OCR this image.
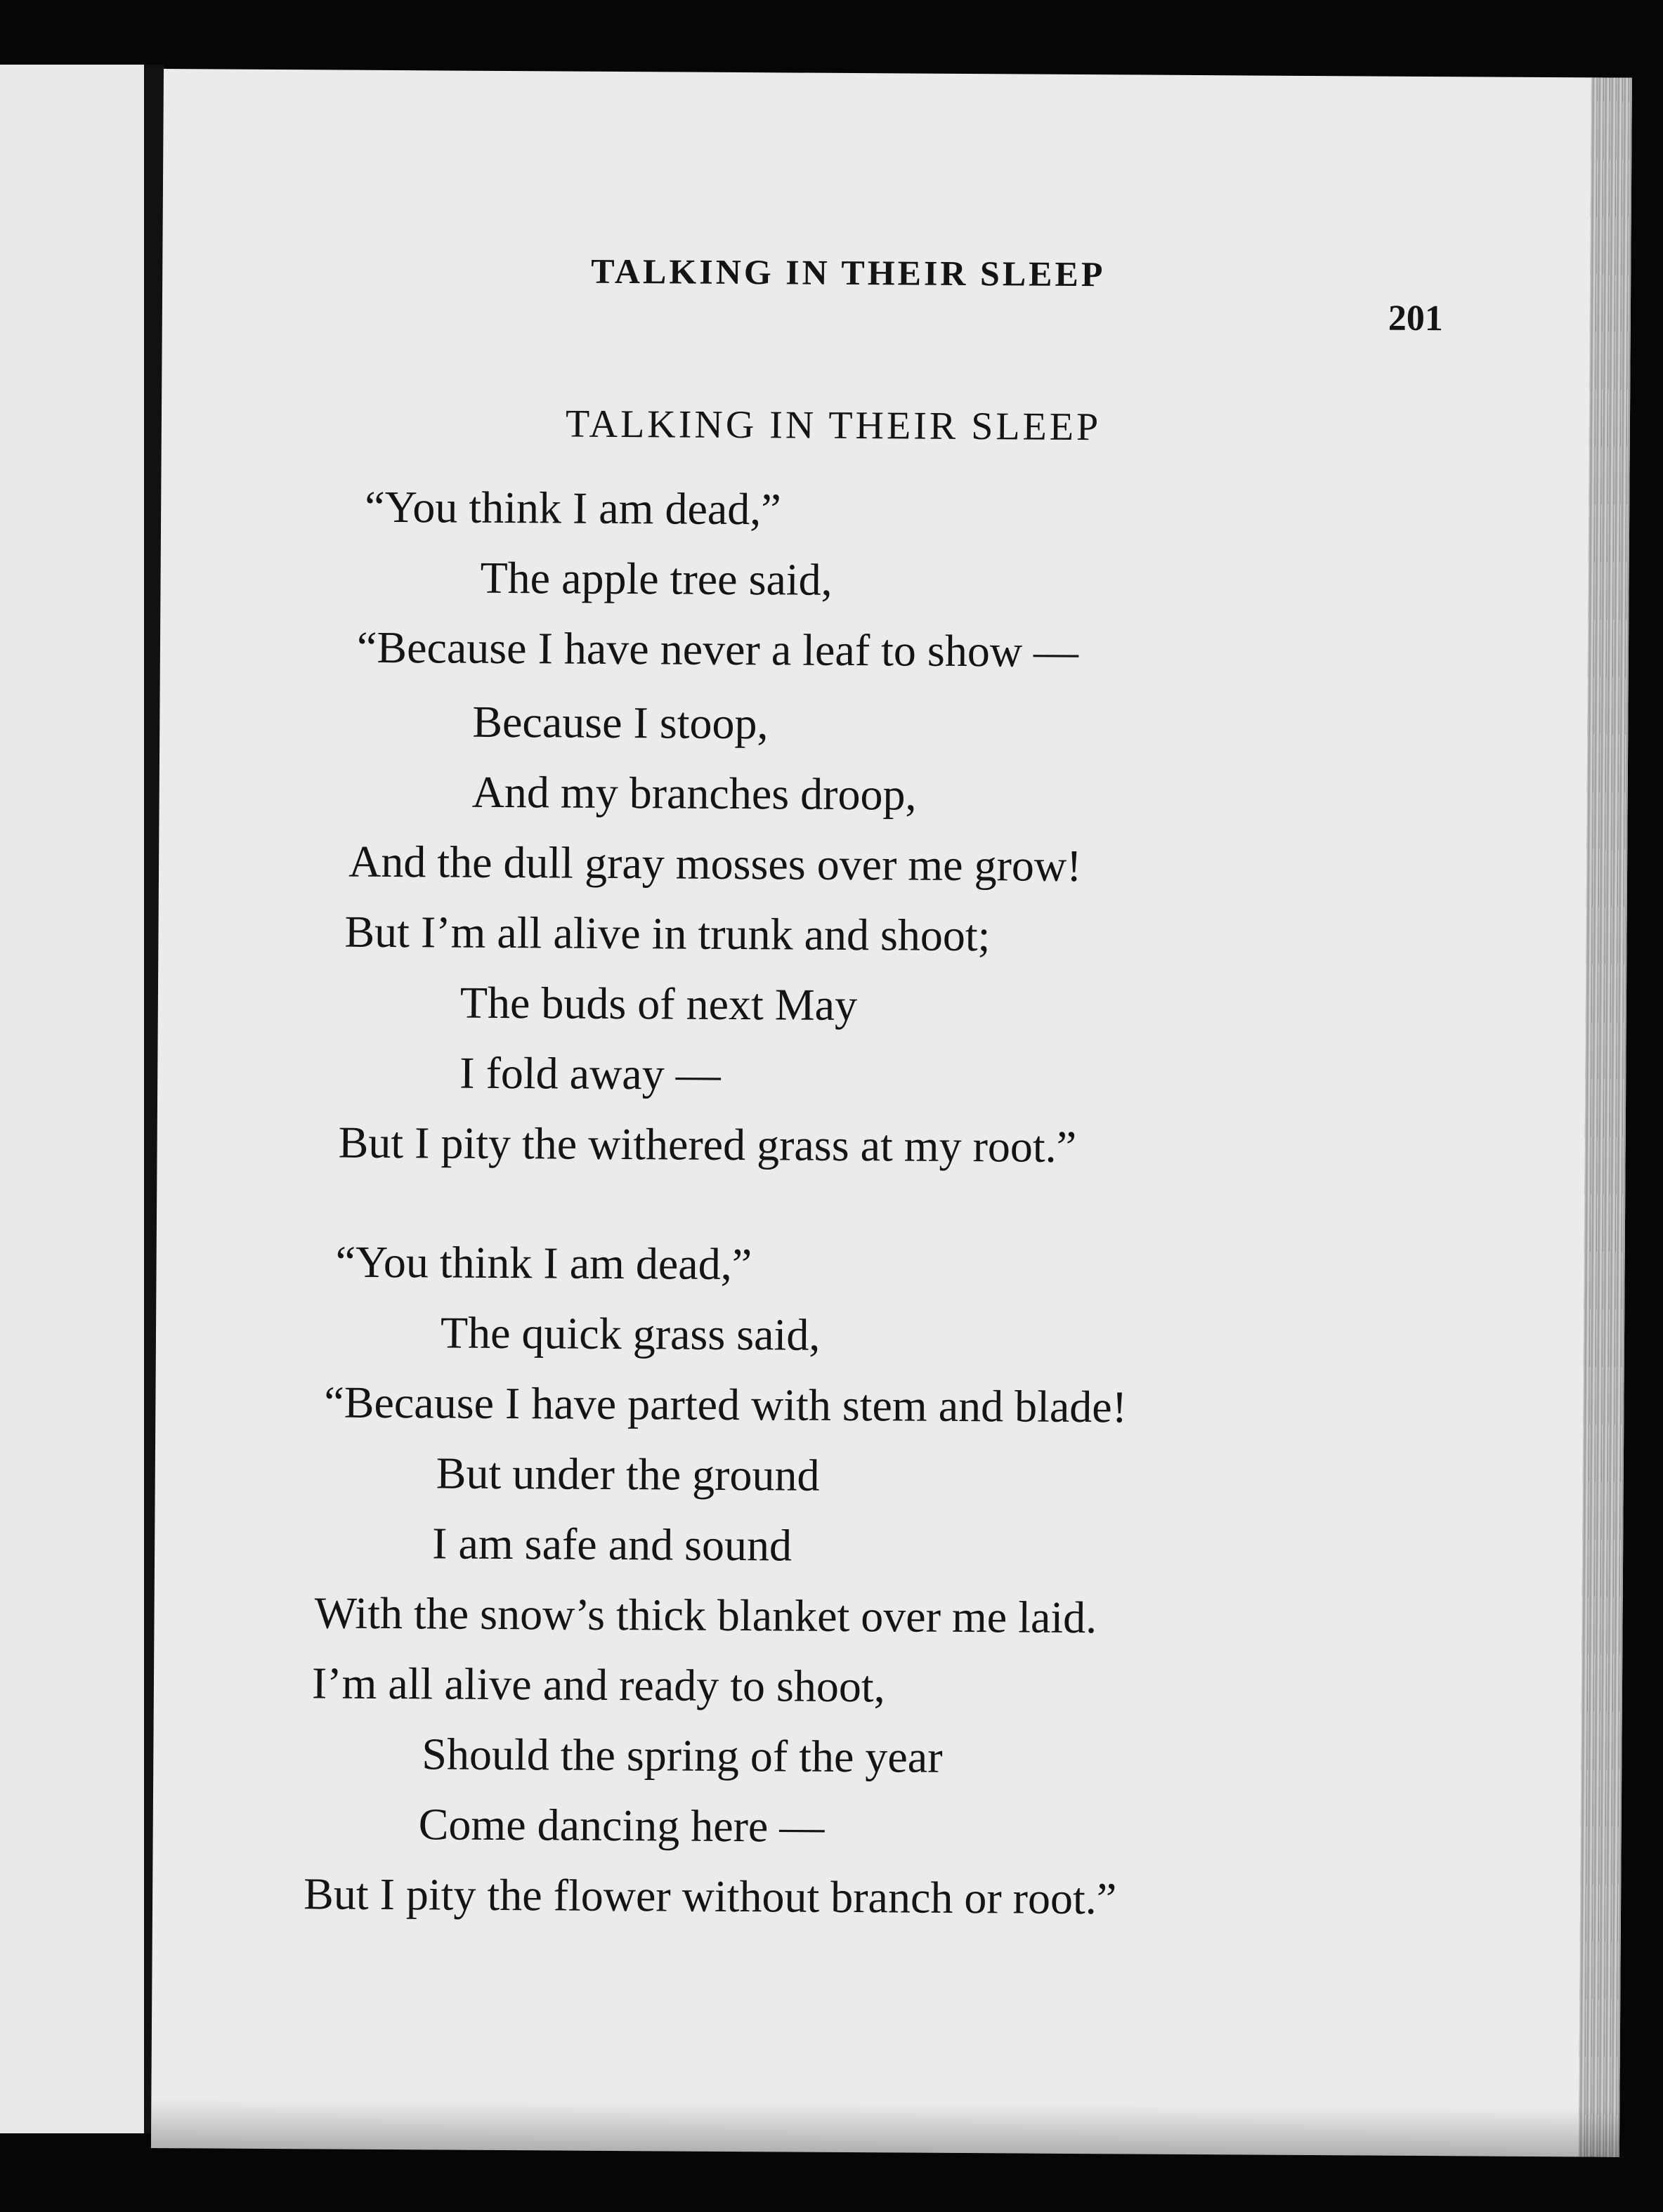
TALKING IN THEIR SLEEP
201
TALKING IN THEIR SLEEP
“You think I am dead,”
The apple tree said,
“Because I have never a leaf to show —
Because I stoop,
And my branches droop,
And the dull gray mosses over me grow!
But I’m all alive in trunk and shoot;
The buds of next May
I fold away —
But I pity the withered grass at my root.”
“You think I am dead,”
The quick grass said,
“Because I have parted with stem and blade!
But under the ground
I am safe and sound
With the snow’s thick blanket over me laid.
I’m all alive and ready to shoot,
Should the spring of the year
Come dancing here —
But I pity the flower without branch or root.”
